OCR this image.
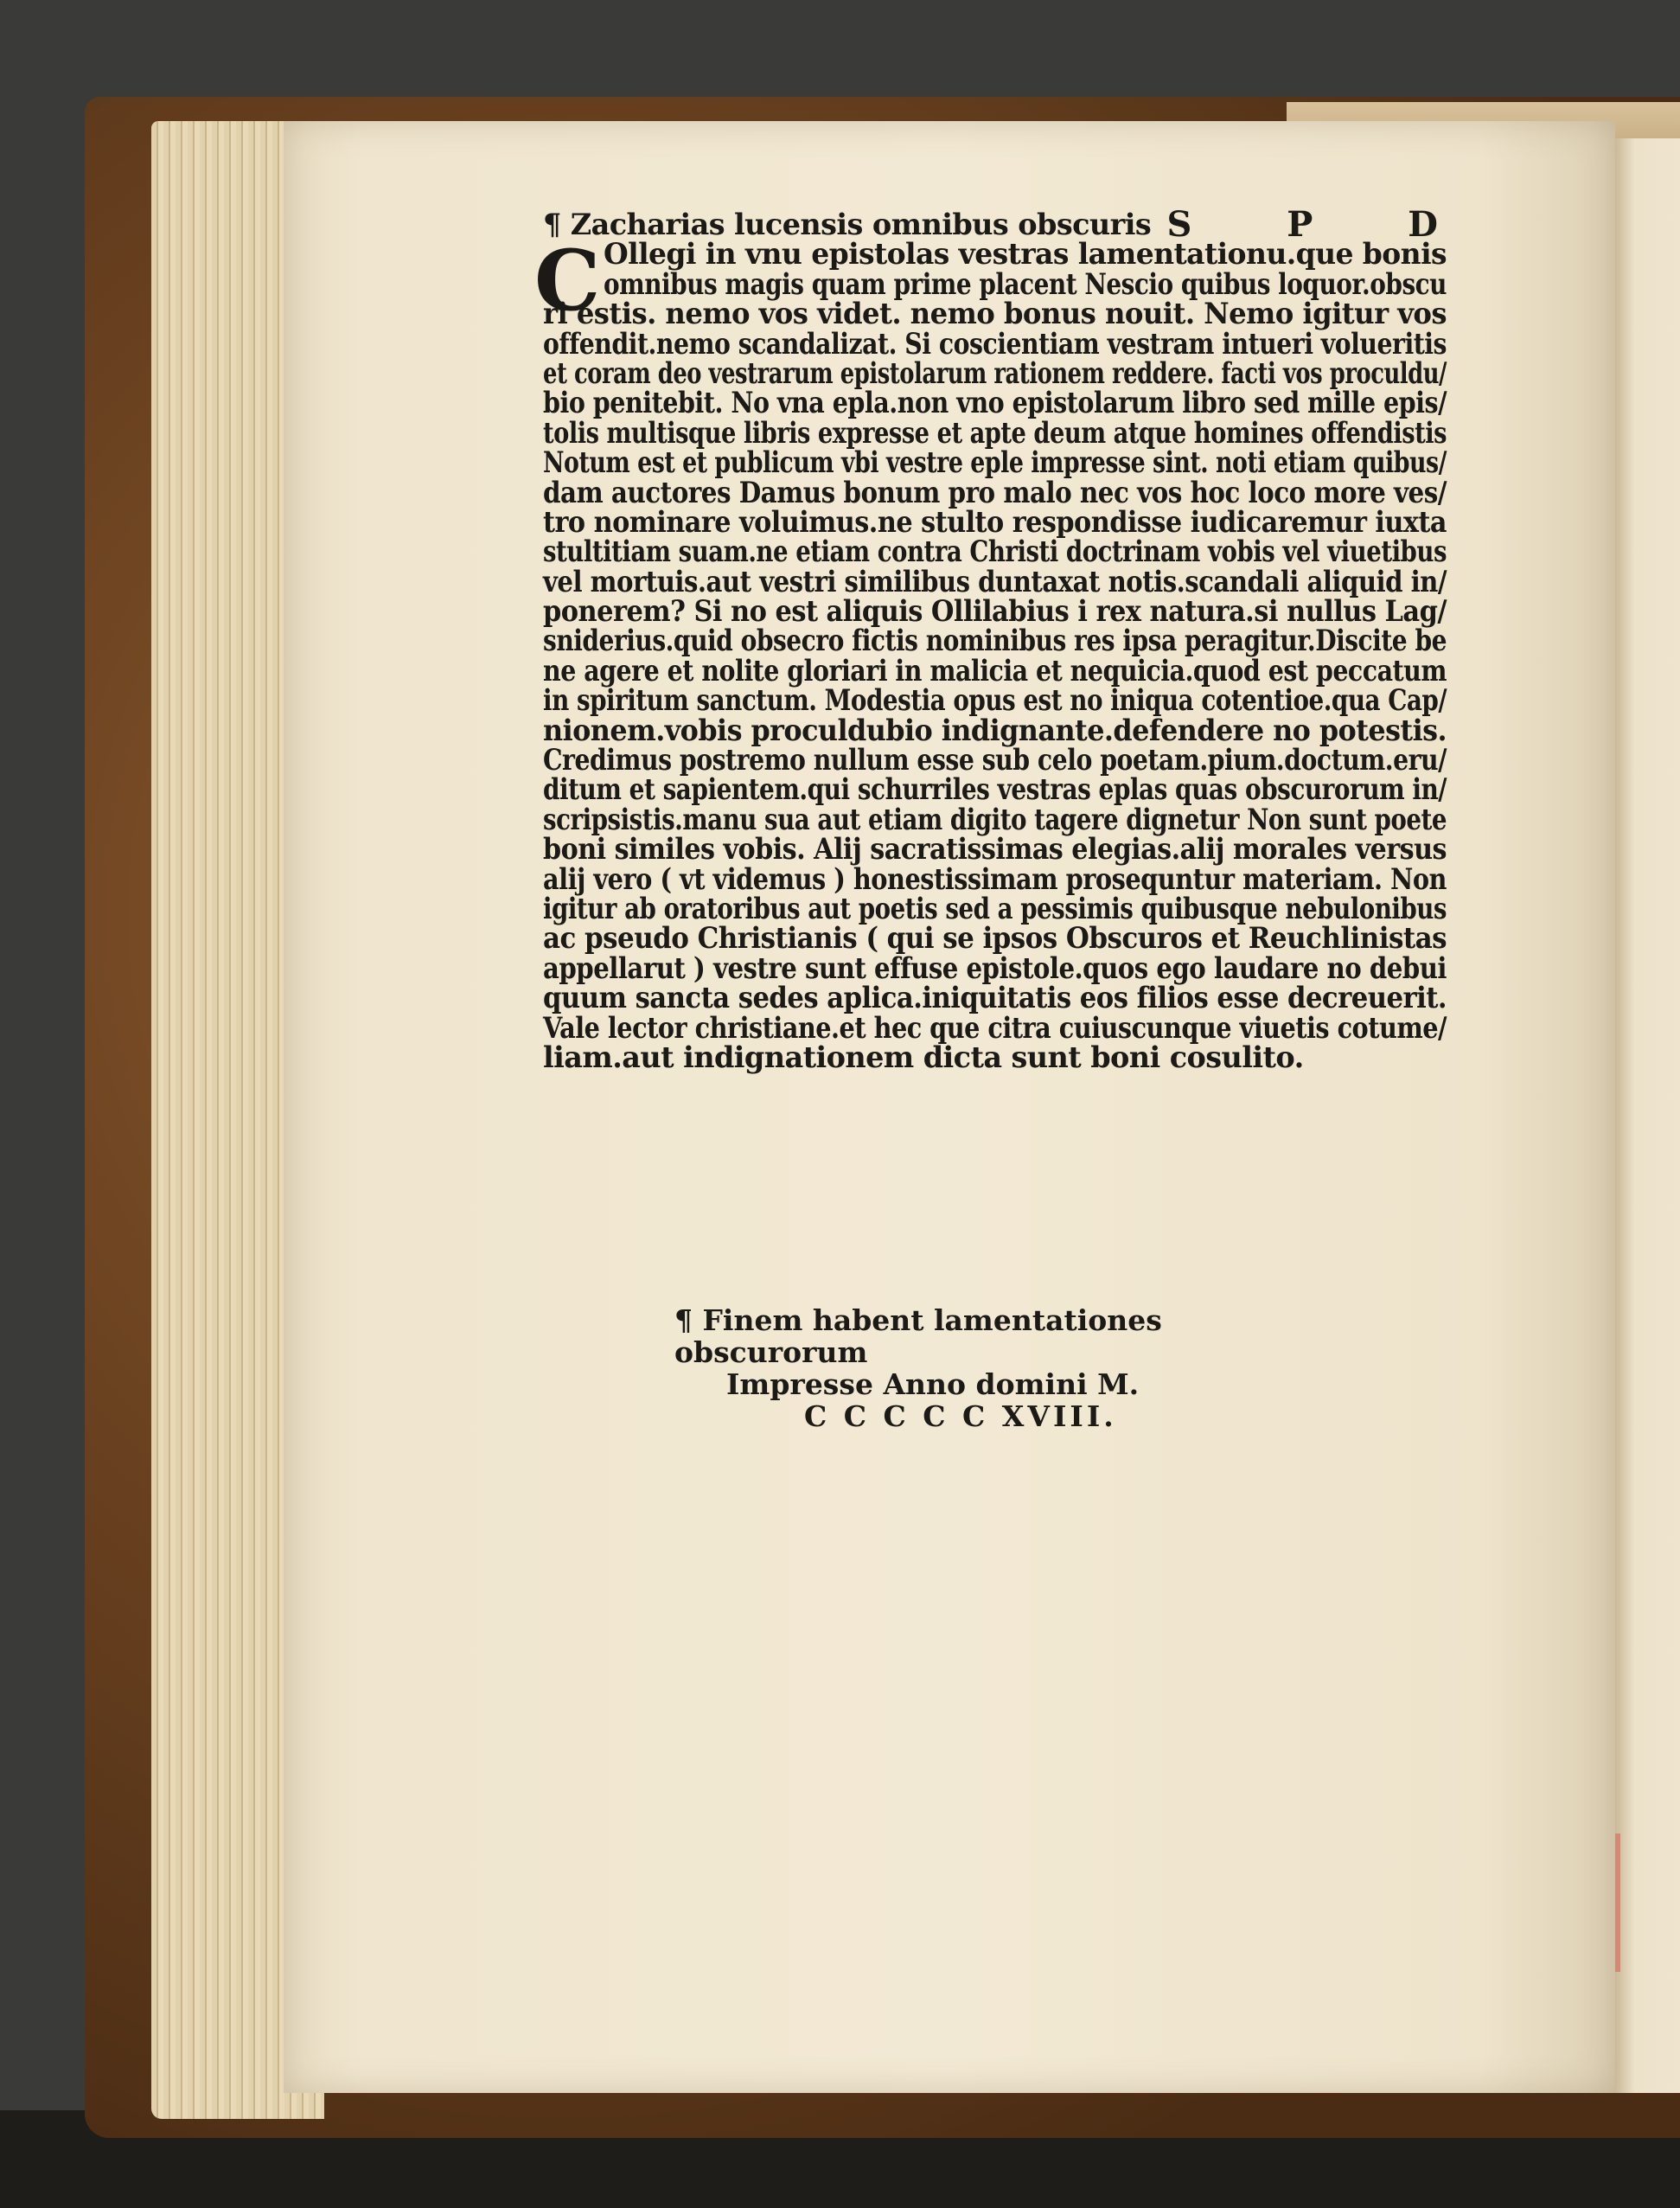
¶ Zacharias lucensis omnibus obscuris S P D
C Ollegi in vnu epistolas vestras lamentationu.que bonis
omnibus magis quam prime placent Nescio quibus loquor.obscu
ri estis. nemo vos videt. nemo bonus nouit. Nemo igitur vos
offendit.nemo scandalizat. Si coscientiam vestram intueri volueritis
et coram deo vestrarum epistolarum rationem reddere. facti vos proculdu/
bio penitebit. No vna epla.non vno epistolarum libro sed mille epis/
tolis multisque libris expresse et apte deum atque homines offendistis
Notum est et publicum vbi vestre eple impresse sint. noti etiam quibus/
dam auctores Damus bonum pro malo nec vos hoc loco more ves/
tro nominare voluimus.ne stulto respondisse iudicaremur iuxta
stultitiam suam.ne etiam contra Christi doctrinam vobis vel viuetibus
vel mortuis.aut vestri similibus duntaxat notis.scandali aliquid in/
ponerem? Si no est aliquis Ollilabius i rex natura.si nullus Lag/
sniderius.quid obsecro fictis nominibus res ipsa peragitur.Discite be
ne agere et nolite gloriari in malicia et nequicia.quod est peccatum
in spiritum sanctum. Modestia opus est no iniqua cotentioe.qua Cap/
nionem.vobis proculdubio indignante.defendere no potestis.
Credimus postremo nullum esse sub celo poetam.pium.doctum.eru/
ditum et sapientem.qui schurriles vestras eplas quas obscurorum in/
scripsistis.manu sua aut etiam digito tagere dignetur Non sunt poete
boni similes vobis. Alij sacratissimas elegias.alij morales versus
alij vero ( vt videmus ) honestissimam prosequntur materiam. Non
igitur ab oratoribus aut poetis sed a pessimis quibusque nebulonibus
ac pseudo Christianis ( qui se ipsos Obscuros et Reuchlinistas
appellarut ) vestre sunt effuse epistole.quos ego laudare no debui
quum sancta sedes aplica.iniquitatis eos filios esse decreuerit.
Vale lector christiane.et hec que citra cuiuscunque viuetis cotume/
liam.aut indignationem dicta sunt boni cosulito.
¶ Finem habent lamentationes obscurorum
Impresse Anno domini M.
C C C C C XVIII.
